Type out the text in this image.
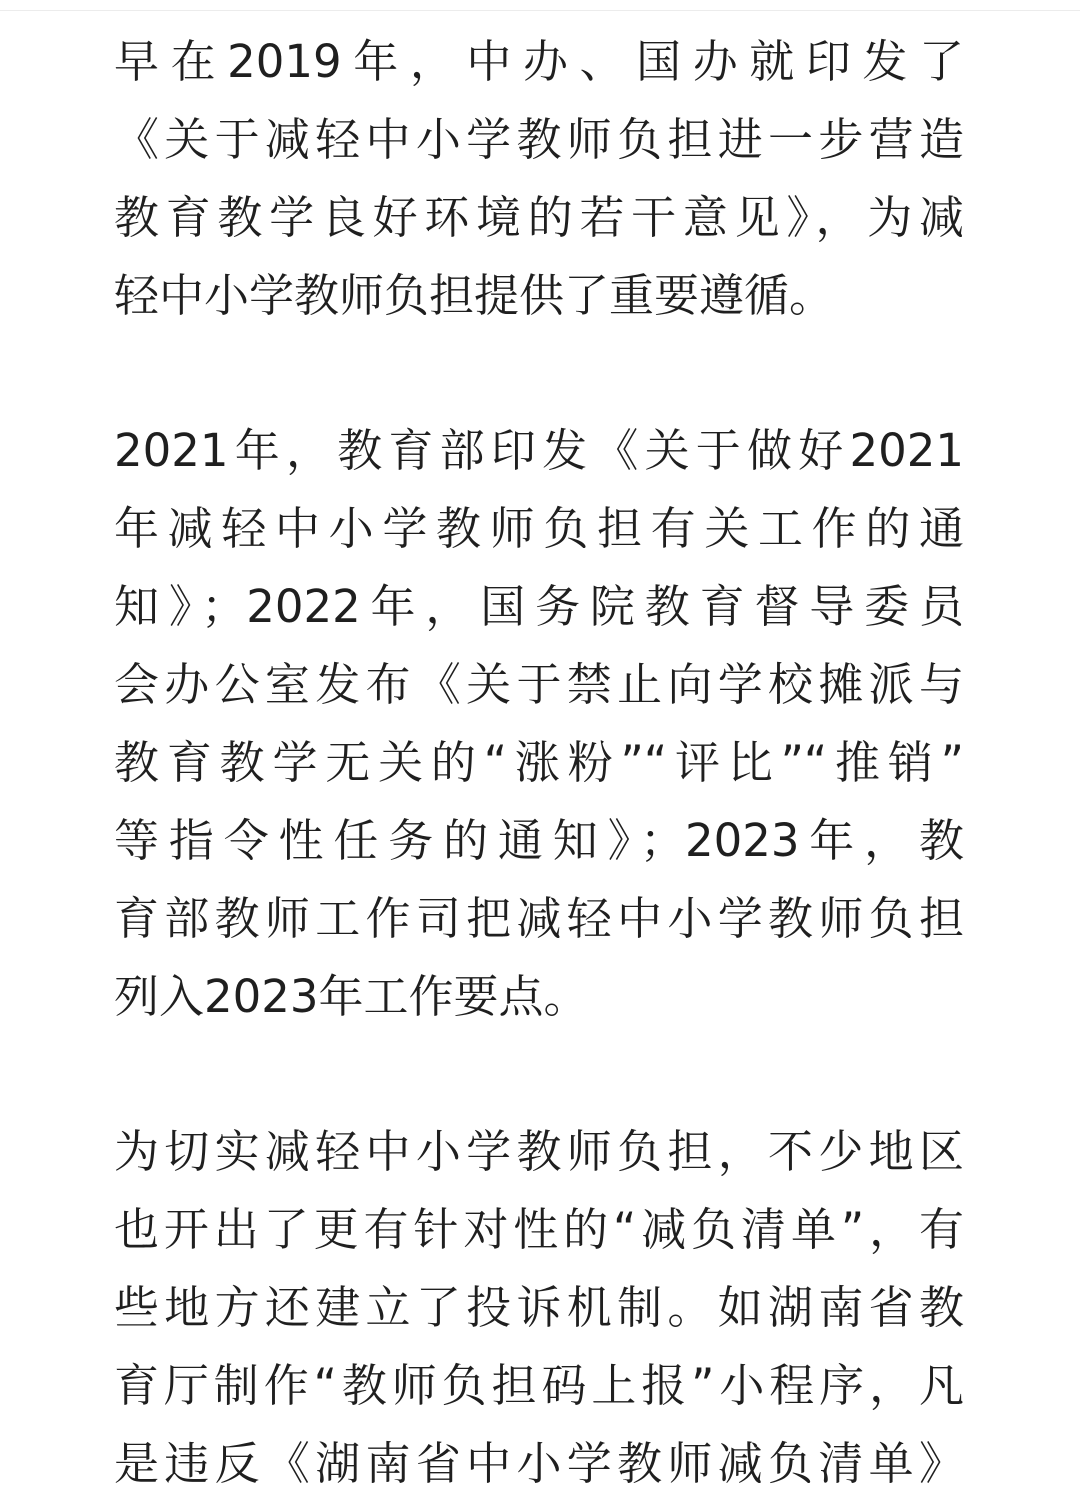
早在2019年，中办、国办就印发了
《关于减轻中小学教师负担进一步营造
教育教学良好环境的若干意见》，为减
轻中小学教师负担提供了重要遵循。
2021年，教育部印发《关于做好2021
年减轻中小学教师负担有关工作的通
知》；2022年，国务院教育督导委员
会办公室发布《关于禁止向学校摊派与
教育教学无关的“涨粉”“评比”“推销”
等指令性任务的通知》；2023年，教
育部教师工作司把减轻中小学教师负担
列入2023年工作要点。
为切实减轻中小学教师负担，不少地区
也开出了更有针对性的“减负清单”，有
些地方还建立了投诉机制。如湖南省教
育厅制作“教师负担码上报”小程序，凡
是违反《湖南省中小学教师减负清单》
